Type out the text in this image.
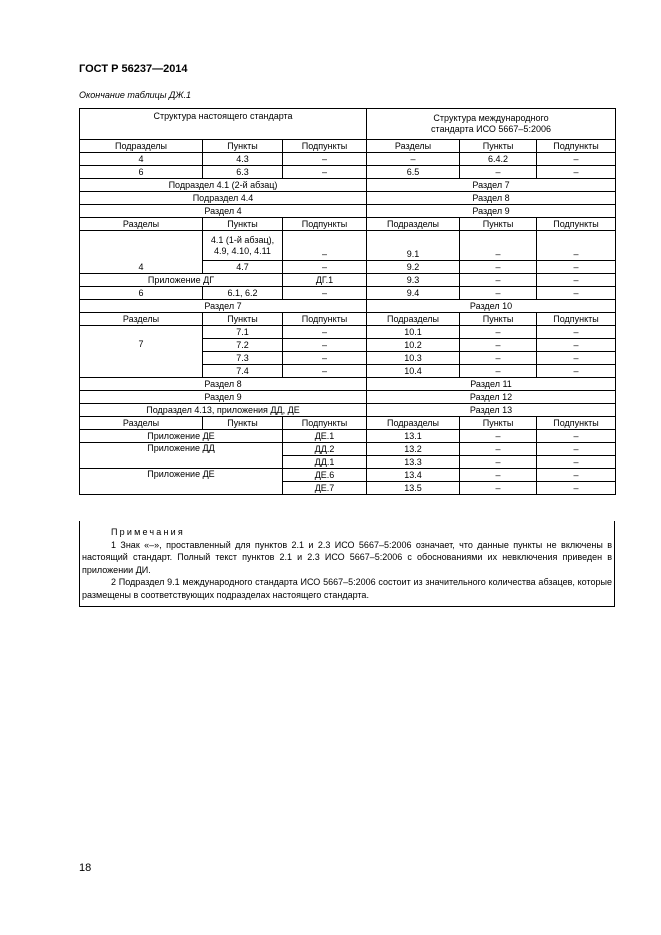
ГОСТ Р 56237—2014
Окончание таблицы ДЖ.1
Структура настоящего стандарта			Структура международного
стандарта ИСО 5667–5:2006		
Подразделы	Пункты	Подпункты	Разделы	Пункты	Подпункты
4	4.3	–	–	6.4.2	–
6	6.3	–	6.5	–	–
Подраздел 4.1 (2-й абзац)			Раздел 7		
Подраздел 4.4			Раздел 8		
Раздел 4			Раздел 9		
Разделы	Пункты	Подпункты	Подразделы	Пункты	Подпункты
4	4.1 (1-й абзац),
4.9, 4.10, 4.11	–	9.1	–	–
	4.7	–	9.2	–	–
Приложение ДГ		ДГ.1	9.3	–	–
6	6.1, 6.2	–	9.4	–	–
Раздел 7			Раздел 10		
Разделы	Пункты	Подпункты	Подразделы	Пункты	Подпункты
7	7.1	–	10.1	–	–
	7.2	–	10.2	–	–
	7.3	–	10.3	–	–
	7.4	–	10.4	–	–
Раздел 8			Раздел 11		
Раздел 9			Раздел 12		
Подраздел 4.13, приложения ДД, ДЕ			Раздел 13		
Разделы	Пункты	Подпункты	Подразделы	Пункты	Подпункты
Приложение ДЕ		ДЕ.1	13.1	–	–
Приложение ДД		ДД.2	13.2	–	–
		ДД.1	13.3	–	–
Приложение ДЕ		ДЕ.6	13.4	–	–
		ДЕ.7	13.5	–	–

Примечания

1 Знак «–», проставленный для пунктов 2.1 и 2.3 ИСО 5667–5:2006 означает, что данные пункты не включены в настоящий стандарт. Полный текст пунктов 2.1 и 2.3 ИСО 5667–5:2006 с обоснованиями их невключения приведен в приложении ДИ.

2 Подраздел 9.1 международного стандарта ИСО 5667–5:2006 состоит из значительного количества абзацев, которые размещены в соответствующих подразделах настоящего стандарта.

18
